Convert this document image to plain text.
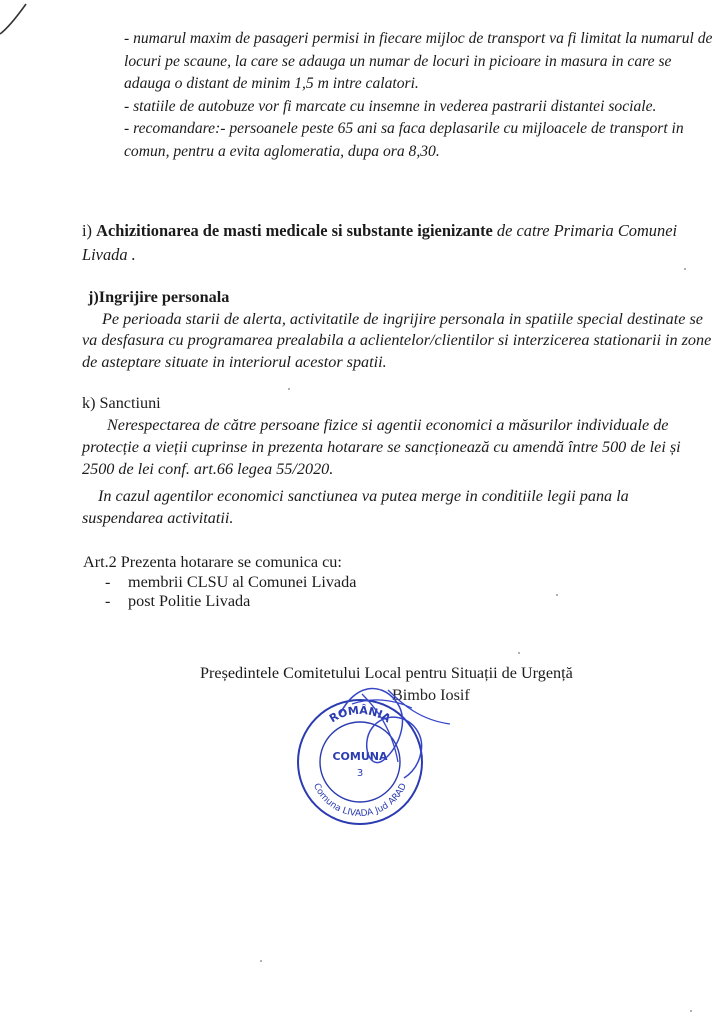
- numarul maxim de pasageri permisi in fiecare mijloc de transport va fi limitat la numarul de locuri pe scaune, la care se adauga un numar de locuri in picioare in masura in care se adauga o distant de minim 1,5 m intre calatori.

- statiile de autobuze vor fi marcate cu insemne in vederea pastrarii distantei sociale.

- recomandare:- persoanele peste 65 ani sa faca deplasarile cu mijloacele de transport in comun, pentru a evita aglomeratia, dupa ora 8,30.

i) Achizitionarea de masti medicale si substante igienizante de catre Primaria Comunei Livada .

j)Ingrijire personala

Pe perioada starii de alerta, activitatile de ingrijire personala in spatiile special destinate se va desfasura cu programarea prealabila a aclientelor/clientilor si interzicerea stationarii in zone de asteptare situate in interiorul acestor spatii.

k) Sanctiuni

Nerespectarea de către persoane fizice si agentii economici a măsurilor individuale de protecție a vieții cuprinse in prezenta hotarare se sancționează cu amendă între 500 de lei și 2500 de lei conf. art.66 legea 55/2020.

In cazul agentilor economici sanctiunea va putea merge in conditiile legii pana la suspendarea activitatii.

Art.2 Prezenta hotarare se comunica cu:

- membrii CLSU al Comunei Livada
- post Politie Livada
Președintele Comitetului Local pentru Situații de Urgență
Bimbo Iosif
ROMÂNIA
COMUNA
3
Comuna LIVADA Jud ARAD
